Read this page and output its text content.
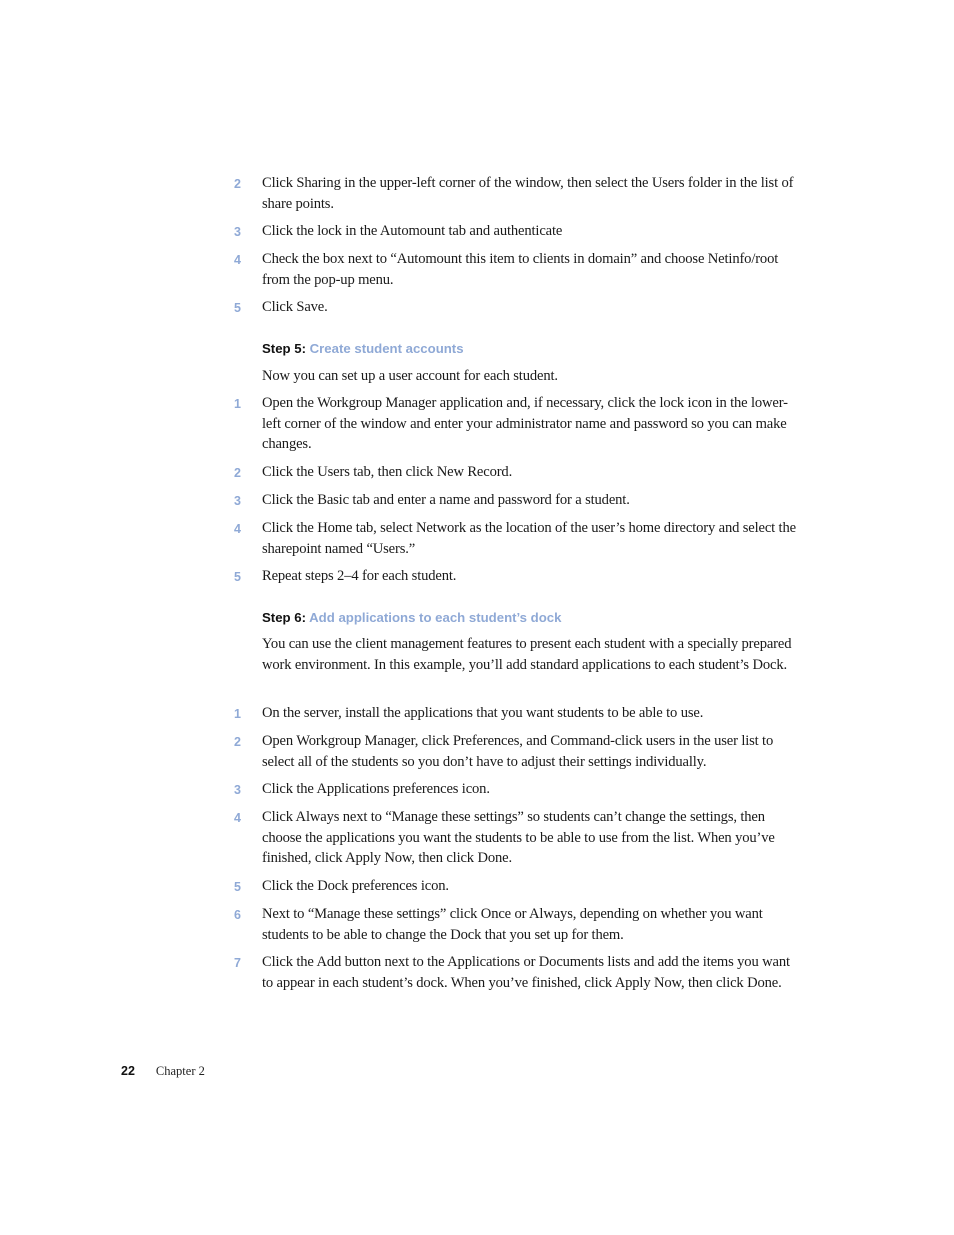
2 Click Sharing in the upper-left corner of the window, then select the Users folder in the list of share points.
3 Click the lock in the Automount tab and authenticate
4 Check the box next to “Automount this item to clients in domain” and choose Netinfo/root from the pop-up menu.
5 Click Save.
Step 5: Create student accounts
Now you can set up a user account for each student.
1 Open the Workgroup Manager application and, if necessary, click the lock icon in the lower-left corner of the window and enter your administrator name and password so you can make changes.
2 Click the Users tab, then click New Record.
3 Click the Basic tab and enter a name and password for a student.
4 Click the Home tab, select Network as the location of the user’s home directory and select the sharepoint named “Users.”
5 Repeat steps 2–4 for each student.
Step 6: Add applications to each student’s dock
You can use the client management features to present each student with a specially prepared work environment. In this example, you’ll add standard applications to each student’s Dock.
1 On the server, install the applications that you want students to be able to use.
2 Open Workgroup Manager, click Preferences, and Command-click users in the user list to select all of the students so you don’t have to adjust their settings individually.
3 Click the Applications preferences icon.
4 Click Always next to “Manage these settings” so students can’t change the settings, then choose the applications you want the students to be able to use from the list. When you’ve finished, click Apply Now, then click Done.
5 Click the Dock preferences icon.
6 Next to “Manage these settings” click Once or Always, depending on whether you want students to be able to change the Dock that you set up for them.
7 Click the Add button next to the Applications or Documents lists and add the items you want to appear in each student’s dock. When you’ve finished, click Apply Now, then click Done.
22 Chapter 2
